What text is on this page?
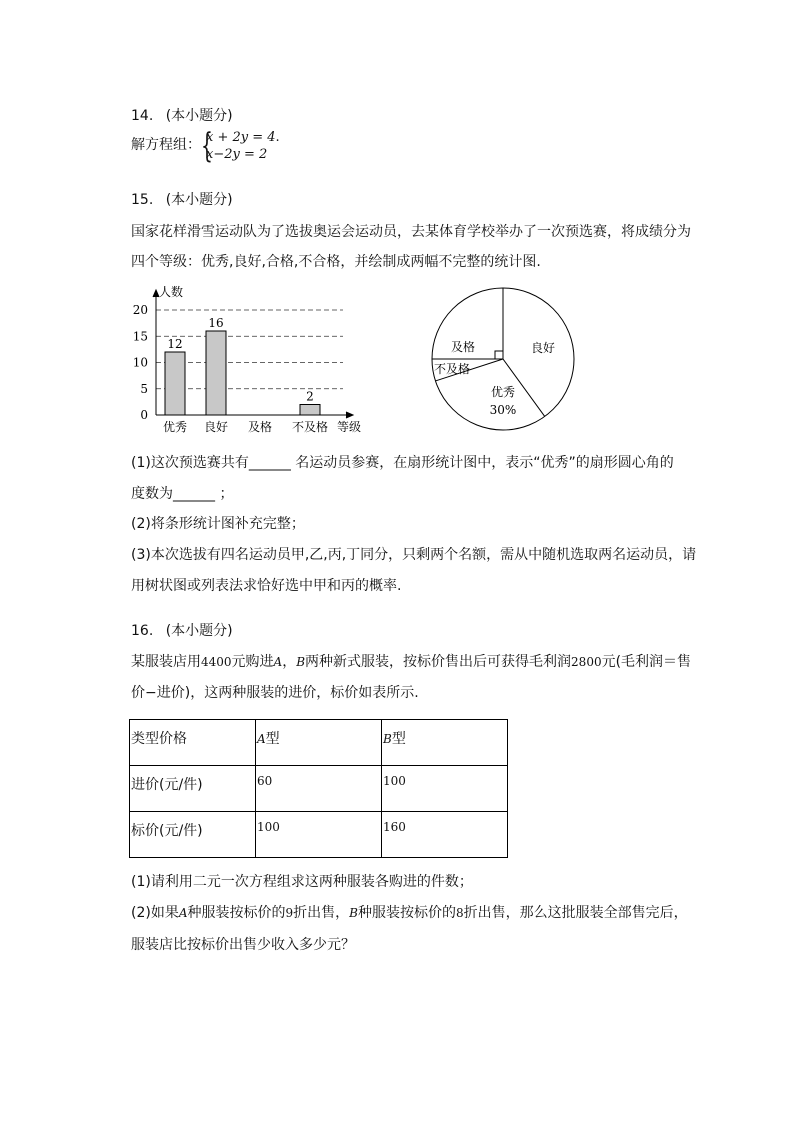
14. (本小题分)
解方程组： {
x + 2y = 4.
x−2y = 2
15. (本小题分)
国家花样滑雪运动队为了选拔奥运会运动员，去某体育学校举办了一次预选赛，将成绩分为
四个等级：优秀,良好,合格,不合格，并绘制成两幅不完整的统计图.
0
5
10
15
20
人数
等级
优秀 良好 及格 不及格
12
16
2
良好
优秀
不及格
及格
30%
(1)这次预选赛共有______ 名运动员参赛，在扇形统计图中，表示“优秀”的扇形圆心角的
度数为______ ；
(2)将条形统计图补充完整；
(3)本次选拔有四名运动员甲,乙,丙,丁同分，只剩两个名额，需从中随机选取两名运动员，请
用树状图或列表法求恰好选中甲和丙的概率.
16. (本小题分)
某服装店用4400元购进A，B两种新式服装，按标价售出后可获得毛利润2800元(毛利润＝售
价−进价)，这两种服装的进价，标价如表所示.
类型价格	A型	B型
进价(元/件)	60	100
标价(元/件)	100	160
(1)请利用二元一次方程组求这两种服装各购进的件数；
(2)如果A种服装按标价的9折出售，B种服装按标价的8折出售，那么这批服装全部售完后，
服装店比按标价出售少收入多少元？
